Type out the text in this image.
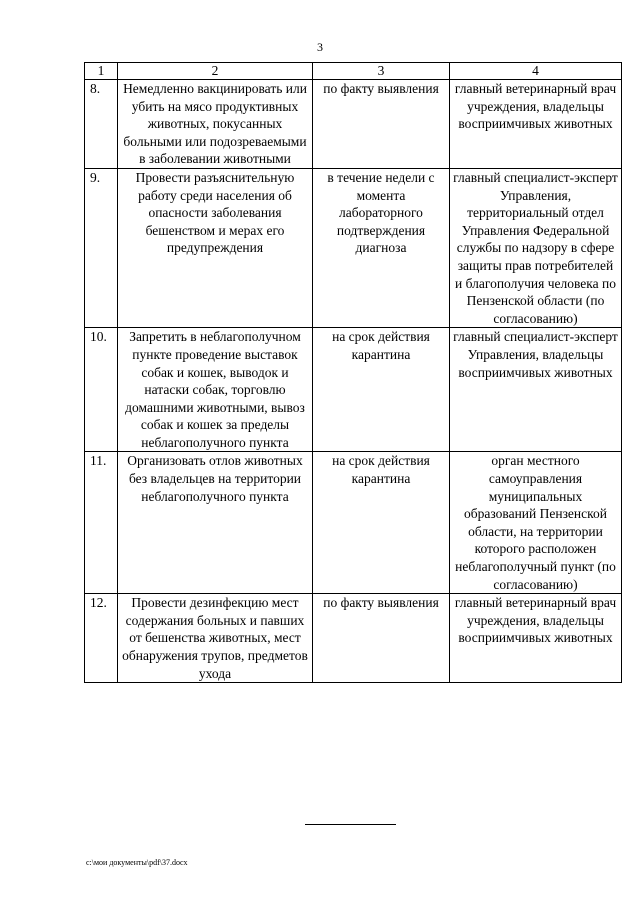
3
1	2	3	4
8.	Немедленно вакцинировать или убить на мясо продуктивных животных, покусанных больными или подозреваемыми в заболевании животными	по факту выявления	главный ветеринарный врач учреждения, владельцы восприимчивых животных
9.	Провести разъяснительную работу среди населения об опасности заболевания бешенством и мерах его предупреждения	в течение недели с момента лабораторного подтверждения диагноза	главный специалист-эксперт Управления, территориальный отдел Управления Федеральной службы по надзору в сфере защиты прав потребителей и благополучия человека по Пензенской области (по согласованию)
10.	Запретить в неблагополучном пункте проведение выставок собак и кошек, выводок и натаски собак, торговлю домашними животными, вывоз собак и кошек за пределы неблагополучного пункта	на срок действия карантина	главный специалист-эксперт Управления, владельцы восприимчивых животных
11.	Организовать отлов животных без владельцев на территории неблагополучного пункта	на срок действия карантина	орган местного самоуправления муниципальных образований Пензенской области, на территории которого расположен неблагополучный пункт (по согласованию)
12.	Провести дезинфекцию мест содержания больных и павших от бешенства животных, мест обнаружения трупов, предметов ухода	по факту выявления	главный ветеринарный врач учреждения, владельцы восприимчивых животных
c:\мои документы\pdf\37.docx
